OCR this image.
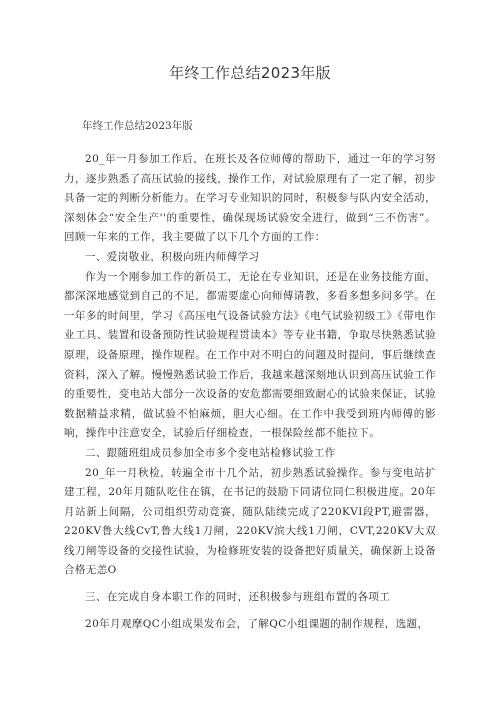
年终工作总结2023年版
年终工作总结2023年版

20_年一月参加工作后，在班长及各位师傅的帮助下，通过一年的学习努力，逐步熟悉了高压试验的接线，操作工作，对试验原理有了一定了解，初步具备一定的判断分析能力。在学习专业知识的同时，积极参与队内安全活动，深刻体会“安全生产''的重要性，确保现场试验安全进行，做到“三不伤害”。回顾一年来的工作，我主要做了以下几个方面的工作：

一、爱岗敬业，积极向班内师傅学习

作为一个刚参加工作的新员工，无论在专业知识，还是在业务技能方面，都深深地感觉到自己的不足，都需要虚心向师傅请教，多看多想多问多学。在一年多的时间里，学习《高压电气设备试验方法》《电气试验初级工》《带电作业工具、装置和设备预防性试验规程贯读本》等专业书籍，争取尽快熟悉试验原理，设备原理，操作规程。在工作中对不明白的问题及时提问，事后继续查资料，深入了解。慢慢熟悉试验工作后，我越来越深刻地认识到高压试验工作的重要性，变电站大部分一次设备的安危都需要细致耐心的试验来保证，试验数据精益求精，做试验不怕麻烦，胆大心细。在工作中我受到班内师傅的影响，操作中注意安全，试验后仔细检查，一根保险丝都不能拉下。

二、跟随班组成员参加全市多个变电站检修试验工作

20_年一月秋检，转遍全市十几个站，初步熟悉试验操作。参与变电站扩建工程，20年月随队吃住在镇，在书记的鼓励下同请位同仁积极进度。20年月站新上间隔，公司组织劳动竞赛，随队陆续完成了220KVI段PT,避雷器，220KV鲁大线CvT,鲁大线1刀闸，220KV滨大线1刀闸，CVT,220KV大双线刀闸等设备的交接性试验，为检修班安装的设备把好质量关，确保新上设备合格无恙O

三、在完成自身本职工作的同时，还积极参与班组布置的各项工

20年月观摩QC小组成果发布会，了解QC小组课题的制作规程，选题，
